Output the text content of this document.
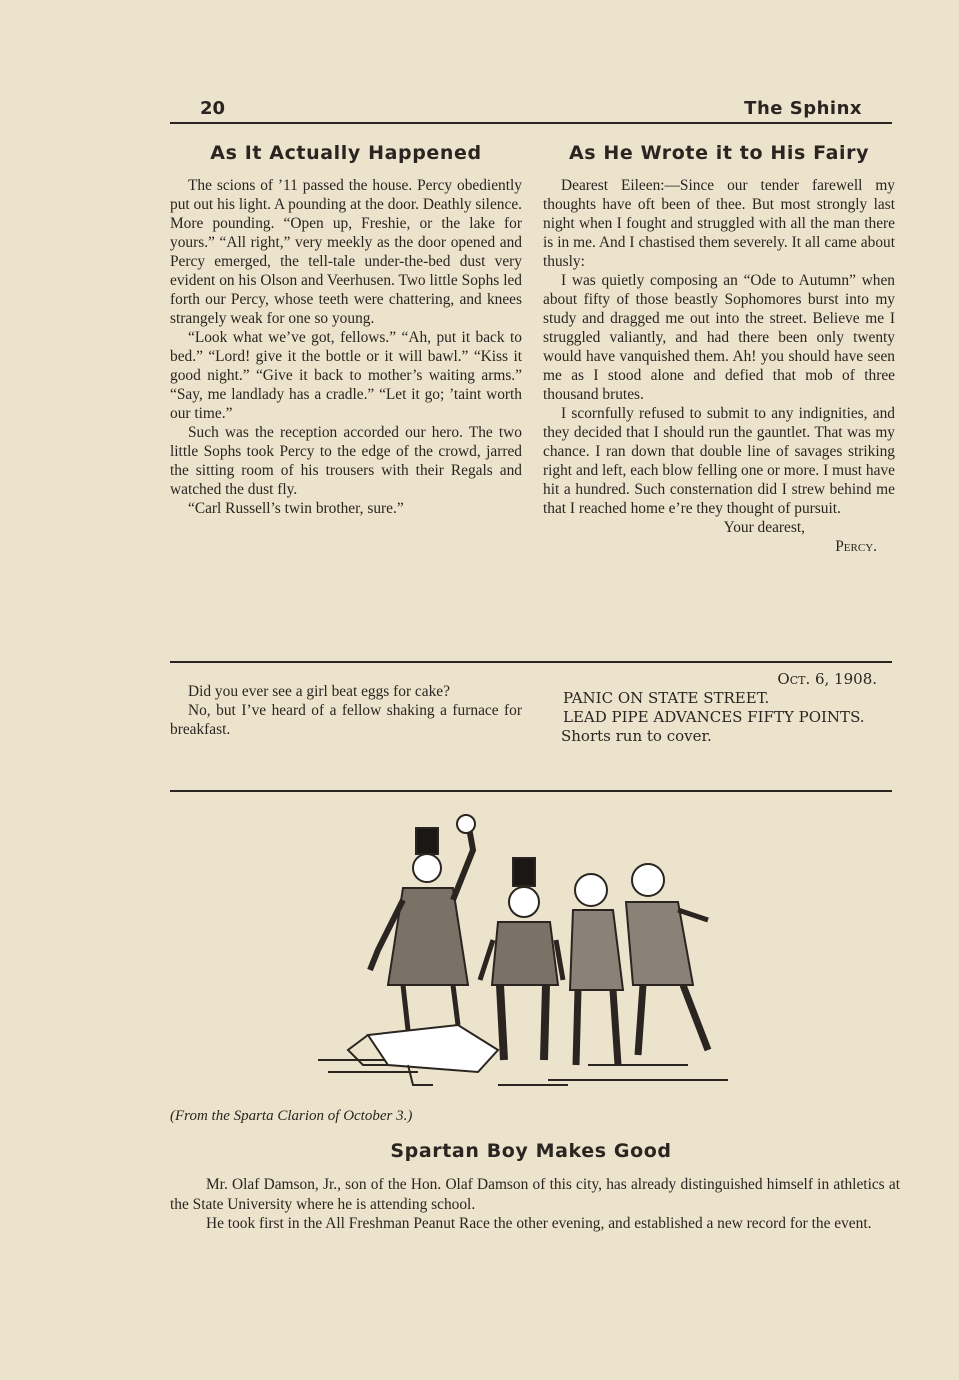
20	The Sphinx
As It Actually Happened	As He Wrote it to His Fairy

The scions of ’11 passed the house. Percy obediently put out his light. A pounding at the door. Deathly silence. More pounding. “Open up, Freshie, or the lake for yours.” “All right,” very meekly as the door opened and Percy emerged, the tell-tale under-the-bed dust very evident on his Olson and Veerhusen. Two little Sophs led forth our Percy, whose teeth were chattering, and knees strangely weak for one so young.

“Look what we’ve got, fellows.” “Ah, put it back to bed.” “Lord! give it the bottle or it will bawl.” “Kiss it good night.” “Give it back to mother’s waiting arms.” “Say, me landlady has a cradle.” “Let it go; ’taint worth our time.”

Such was the reception accorded our hero. The two little Sophs took Percy to the edge of the crowd, jarred the sitting room of his trousers with their Regals and watched the dust fly.

“Carl Russell’s twin brother, sure.”

Dearest Eileen:—Since our tender farewell my thoughts have oft been of thee. But most strongly last night when I fought and struggled with all the man there is in me. And I chastised them severely. It all came about thusly:

I was quietly composing an “Ode to Autumn” when about fifty of those beastly Sophomores burst into my study and dragged me out into the street. Believe me I struggled valiantly, and had there been only twenty would have vanquished them. Ah! you should have seen me as I stood alone and defied that mob of three thousand brutes.

I scornfully refused to submit to any indignities, and they decided that I should run the gauntlet. That was my chance. I ran down that double line of savages striking right and left, each blow felling one or more. I must have hit a hundred. Such consternation did I strew behind me that I reached home e’re they thought of pursuit.

Your dearest,

Percy.

Did you ever see a girl beat eggs for cake?

No, but I’ve heard of a fellow shaking a furnace for breakfast.

Oct. 6, 1908.

PANIC ON STATE STREET.

LEAD PIPE ADVANCES FIFTY POINTS.

Shorts run to cover.

(From the Sparta Clarion of October 3.)
Spartan Boy Makes Good

Mr. Olaf Damson, Jr., son of the Hon. Olaf Damson of this city, has already distinguished himself in athletics at the State University where he is attending school.

He took first in the All Freshman Peanut Race the other evening, and established a new record for the event.
